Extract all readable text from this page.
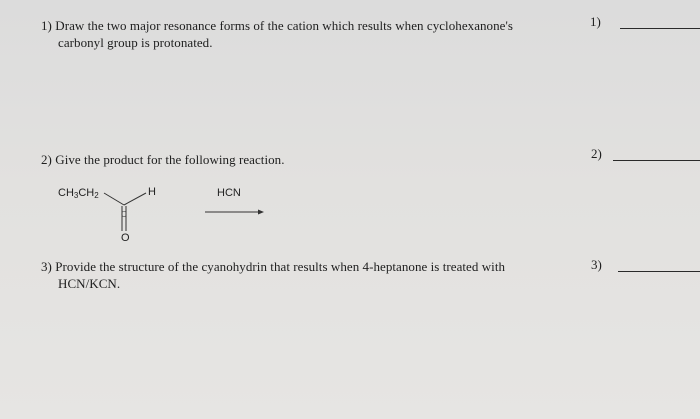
1) Draw the two major resonance forms of the cation which results when cyclohexanone's
carbonyl group is protonated.
1)
2) Give the product for the following reaction.	2)
$CH_3CH_2$	H
C
O
HCN
3) Provide the structure of the cyanohydrin that results when 4-heptanone is treated with
HCN/KCN.
3)
